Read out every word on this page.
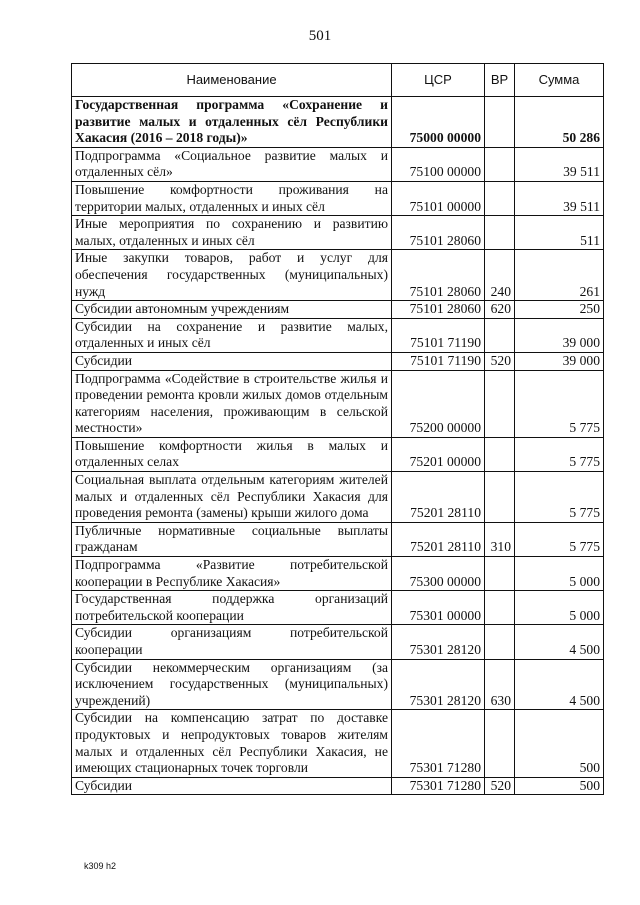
501
Наименование	ЦСР	ВР	Сумма
Государственная программа «Сохранение и развитие малых и отдаленных сёл Республики Хакасия (2016 – 2018 годы)»	75000 00000		50 286
Подпрограмма «Социальное развитие малых и отдаленных сёл»	75100 00000		39 511
Повышение комфортности проживания на территории малых, отдаленных и иных сёл	75101 00000		39 511
Иные мероприятия по сохранению и развитию малых, отдаленных и иных сёл	75101 28060		511
Иные закупки товаров, работ и услуг для обеспечения государственных (муниципальных) нужд	75101 28060	240	261
Субсидии автономным учреждениям	75101 28060	620	250
Субсидии на сохранение и развитие малых, отдаленных и иных сёл	75101 71190		39 000
Субсидии	75101 71190	520	39 000
Подпрограмма «Содействие в строительстве жилья и проведении ремонта кровли жилых домов отдельным категориям населения, проживающим в сельской местности»	75200 00000		5 775
Повышение комфортности жилья в малых и отдаленных селах	75201 00000		5 775
Социальная выплата отдельным категориям жителей малых и отдаленных сёл Республики Хакасия для проведения ремонта (замены) крыши жилого дома	75201 28110		5 775
Публичные нормативные социальные выплаты гражданам	75201 28110	310	5 775
Подпрограмма «Развитие потребительской кооперации в Республике Хакасия»	75300 00000		5 000
Государственная поддержка организаций потребительской кооперации	75301 00000		5 000
Субсидии организациям потребительской кооперации	75301 28120		4 500
Субсидии некоммерческим организациям (за исключением государственных (муниципальных) учреждений)	75301 28120	630	4 500
Субсидии на компенсацию затрат по доставке продуктовых и непродуктовых товаров жителям малых и отдаленных сёл Республики Хакасия, не имеющих стационарных точек торговли	75301 71280		500
Субсидии	75301 71280	520	500
k309 h2
